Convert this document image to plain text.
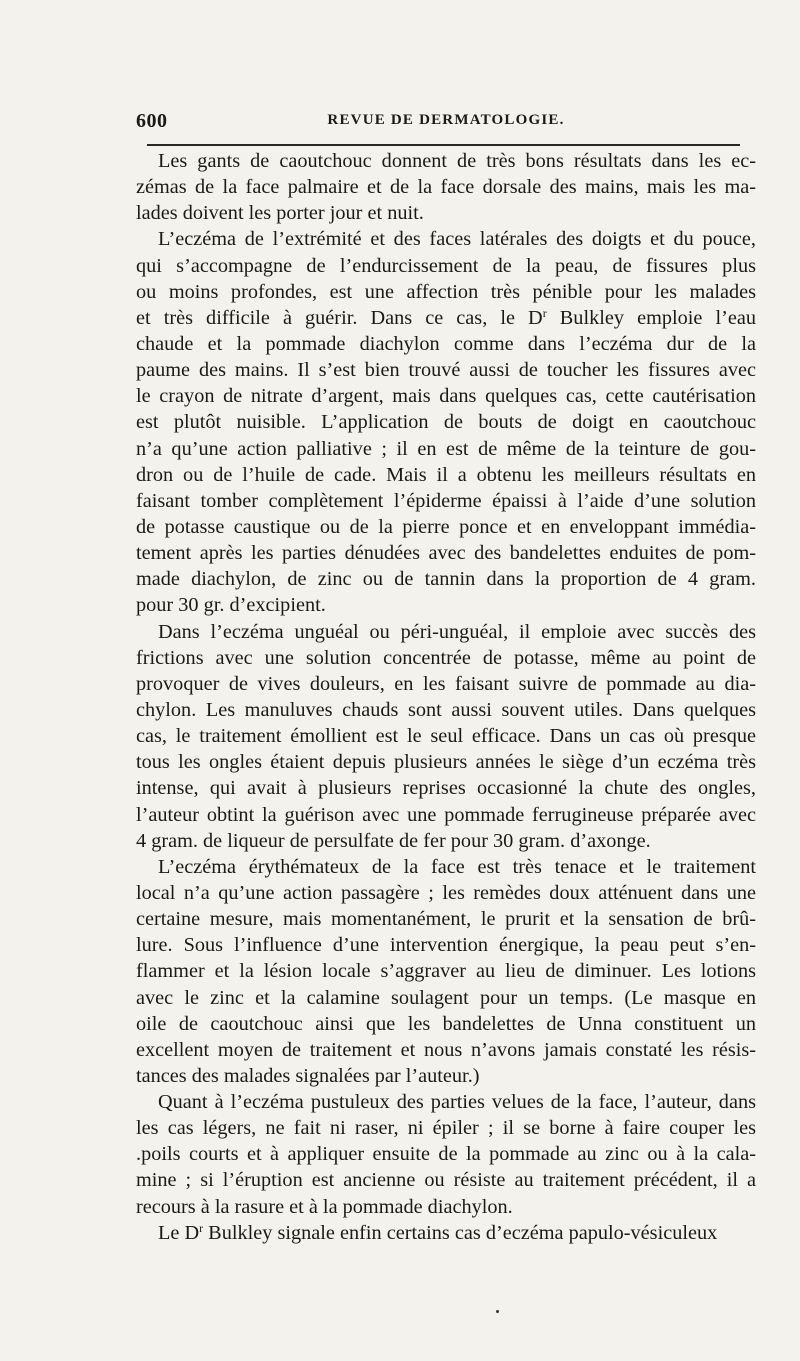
600	REVUE DE DERMATOLOGIE.
Les gants de caoutchouc donnent de très bons résultats dans les ec-
zémas de la face palmaire et de la face dorsale des mains, mais les ma-
lades doivent les porter jour et nuit.
L’eczéma de l’extrémité et des faces latérales des doigts et du pouce,
qui s’accompagne de l’endurcissement de la peau, de fissures plus
ou moins profondes, est une affection très pénible pour les malades
et très difficile à guérir. Dans ce cas, le $D^r$ Bulkley emploie l’eau
chaude et la pommade diachylon comme dans l’eczéma dur de la
paume des mains. Il s’est bien trouvé aussi de toucher les fissures avec
le crayon de nitrate d’argent, mais dans quelques cas, cette cautérisation
est plutôt nuisible. L’application de bouts de doigt en caoutchouc
n’a qu’une action palliative ; il en est de même de la teinture de gou-
dron ou de l’huile de cade. Mais il a obtenu les meilleurs résultats en
faisant tomber complètement l’épiderme épaissi à l’aide d’une solution
de potasse caustique ou de la pierre ponce et en enveloppant immédia-
tement après les parties dénudées avec des bandelettes enduites de pom-
made diachylon, de zinc ou de tannin dans la proportion de 4 gram.
pour 30 gr. d’excipient.
Dans l’eczéma unguéal ou péri-unguéal, il emploie avec succès des
frictions avec une solution concentrée de potasse, même au point de
provoquer de vives douleurs, en les faisant suivre de pommade au dia-
chylon. Les manuluves chauds sont aussi souvent utiles. Dans quelques
cas, le traitement émollient est le seul efficace. Dans un cas où presque
tous les ongles étaient depuis plusieurs années le siège d’un eczéma très
intense, qui avait à plusieurs reprises occasionné la chute des ongles,
l’auteur obtint la guérison avec une pommade ferrugineuse préparée avec
4 gram. de liqueur de persulfate de fer pour 30 gram. d’axonge.
L’eczéma érythémateux de la face est très tenace et le traitement
local n’a qu’une action passagère ; les remèdes doux atténuent dans une
certaine mesure, mais momentanément, le prurit et la sensation de brû-
lure. Sous l’influence d’une intervention énergique, la peau peut s’en-
flammer et la lésion locale s’aggraver au lieu de diminuer. Les lotions
avec le zinc et la calamine soulagent pour un temps. (Le masque en
oile de caoutchouc ainsi que les bandelettes de Unna constituent un
excellent moyen de traitement et nous n’avons jamais constaté les résis-
tances des malades signalées par l’auteur.)
Quant à l’eczéma pustuleux des parties velues de la face, l’auteur, dans
les cas légers, ne fait ni raser, ni épiler ; il se borne à faire couper les
.poils courts et à appliquer ensuite de la pommade au zinc ou à la cala-
mine ; si l’éruption est ancienne ou résiste au traitement précédent, il a
recours à la rasure et à la pommade diachylon.
Le $D^r$ Bulkley signale enfin certains cas d’eczéma papulo-vésiculeux
